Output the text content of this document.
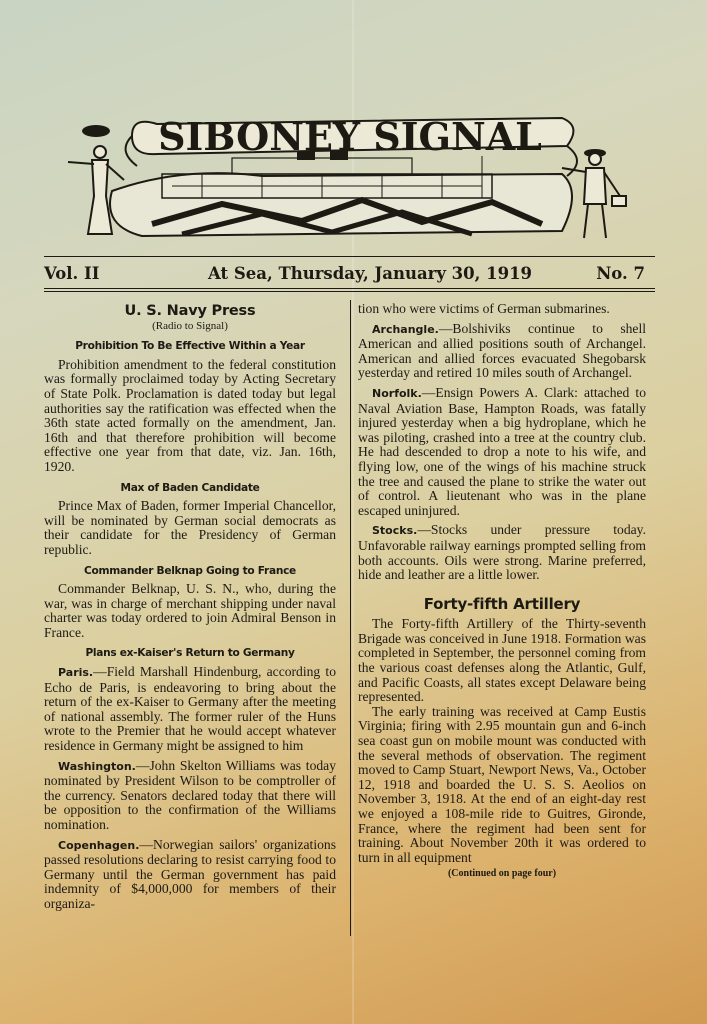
SIBONEY SIGNAL
Vol. II	At Sea, Thursday, January 30, 1919	No. 7
U. S. Navy Press
(Radio to Signal)
Prohibition To Be Effective Within a Year

Prohibition amendment to the federal constitution was formally proclaimed today by Acting Secretary of State Polk. Proclamation is dated today but legal authorities say the ratification was effected when the 36th state acted formally on the amendment, Jan. 16th and that therefore prohibition will become effective one year from that date, viz. Jan. 16th, 1920.

Max of Baden Candidate

Prince Max of Baden, former Imperial Chancellor, will be nominated by German social democrats as their candidate for the Presidency of German republic.

Commander Belknap Going to France

Commander Belknap, U. S. N., who, during the war, was in charge of merchant shipping under naval charter was today ordered to join Admiral Benson in France.

Plans ex-Kaiser's Return to Germany

Paris.—Field Marshall Hindenburg, according to Echo de Paris, is endeavoring to bring about the return of the ex-Kaiser to Germany after the meeting of national assembly. The former ruler of the Huns wrote to the Premier that he would accept whatever residence in Germany might be assigned to him

Washington.—John Skelton Williams was today nominated by President Wilson to be comptroller of the currency. Senators declared today that there will be opposition to the confirmation of the Williams nomination.

Copenhagen.—Norwegian sailors' organizations passed resolutions declaring to resist carrying food to Germany until the German government has paid indemnity of $4,000,000 for members of their organiza-

tion who were victims of German submarines.

Archangle.—Bolshiviks continue to shell American and allied positions south of Archangel. American and allied forces evacuated Shegobarsk yesterday and retired 10 miles south of Archangel.

Norfolk.—Ensign Powers A. Clark: attached to Naval Aviation Base, Hampton Roads, was fatally injured yesterday when a big hydroplane, which he was piloting, crashed into a tree at the country club. He had descended to drop a note to his wife, and flying low, one of the wings of his machine struck the tree and caused the plane to strike the water out of control. A lieutenant who was in the plane escaped uninjured.

Stocks.—Stocks under pressure today. Unfavorable railway earnings prompted selling from both accounts. Oils were strong. Marine preferred, hide and leather are a little lower.

Forty-fifth Artillery

The Forty-fifth Artillery of the Thirty-seventh Brigade was conceived in June 1918. Formation was completed in September, the personnel coming from the various coast defenses along the Atlantic, Gulf, and Pacific Coasts, all states except Delaware being represented.

The early training was received at Camp Eustis Virginia; firing with 2.95 mountain gun and 6-inch sea coast gun on mobile mount was conducted with the several methods of observation. The regiment moved to Camp Stuart, Newport News, Va., October 12, 1918 and boarded the U. S. S. Aeolios on November 3, 1918. At the end of an eight-day rest we enjoyed a 108-mile ride to Guitres, Gironde, France, where the regiment had been sent for training. About November 20th it was ordered to turn in all equipment

(Continued on page four)
